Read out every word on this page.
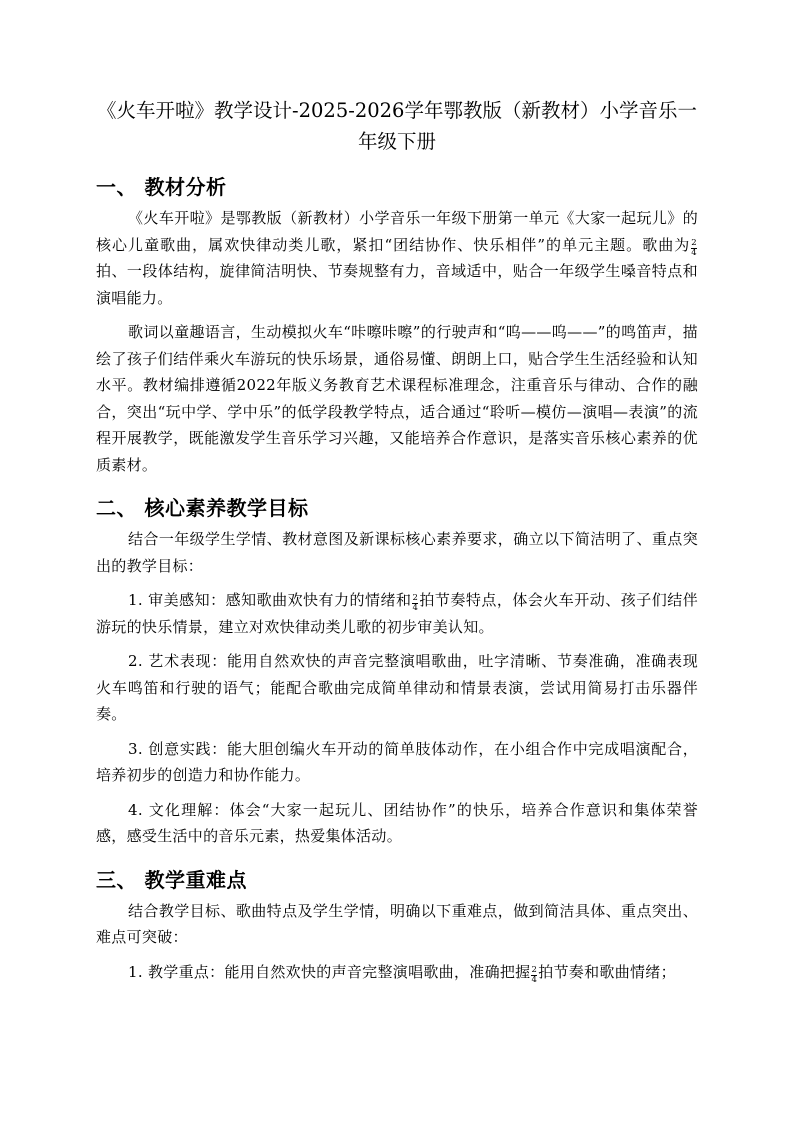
《火车开啦》教学设计-2025-2026学年鄂教版（新教材）小学音乐一年级下册
一、 教材分析

《火车开啦》是鄂教版（新教材）小学音乐一年级下册第一单元《大家一起玩儿》的核心儿童歌曲，属欢快律动类儿歌，紧扣“团结协作、快乐相伴”的单元主题。歌曲为 $\frac{2}{4}$
拍、一段体结构，旋律简洁明快、节奏规整有力，音域适中，贴合一年级学生嗓音特点和演唱能力。

歌词以童趣语言，生动模拟火车“咔嚓咔嚓”的行驶声和“呜——呜——”的鸣笛声，描绘了孩子们结伴乘火车游玩的快乐场景，通俗易懂、朗朗上口，贴合学生生活经验和认知水平。教材编排遵循2022年版义务教育艺术课程标准理念，注重音乐与律动、合作的融合，突出“玩中学、学中乐”的低学段教学特点，适合通过“聆听—模仿—演唱—表演”的流程开展教学，既能激发学生音乐学习兴趣，又能培养合作意识，是落实音乐核心素养的优质素材。

二、 核心素养教学目标

结合一年级学生学情、教材意图及新课标核心素养要求，确立以下简洁明了、重点突出的教学目标：

1. 审美感知：感知歌曲欢快有力的情绪和 $\frac{2}{4}$ 拍节奏特点，体会火车开动、孩子们结伴游玩的快乐情景，建立对欢快律动类儿歌的初步审美认知。

2. 艺术表现：能用自然欢快的声音完整演唱歌曲，吐字清晰、节奏准确，准确表现火车鸣笛和行驶的语气；能配合歌曲完成简单律动和情景表演，尝试用简易打击乐器伴奏。

3. 创意实践：能大胆创编火车开动的简单肢体动作，在小组合作中完成唱演配合，培养初步的创造力和协作能力。

4. 文化理解：体会“大家一起玩儿、团结协作”的快乐，培养合作意识和集体荣誉感，感受生活中的音乐元素，热爱集体活动。

三、 教学重难点

结合教学目标、歌曲特点及学生学情，明确以下重难点，做到简洁具体、重点突出、难点可突破：

1. 教学重点：能用自然欢快的声音完整演唱歌曲，准确把握 $\frac{2}{4}$ 拍节奏和歌曲情绪；
